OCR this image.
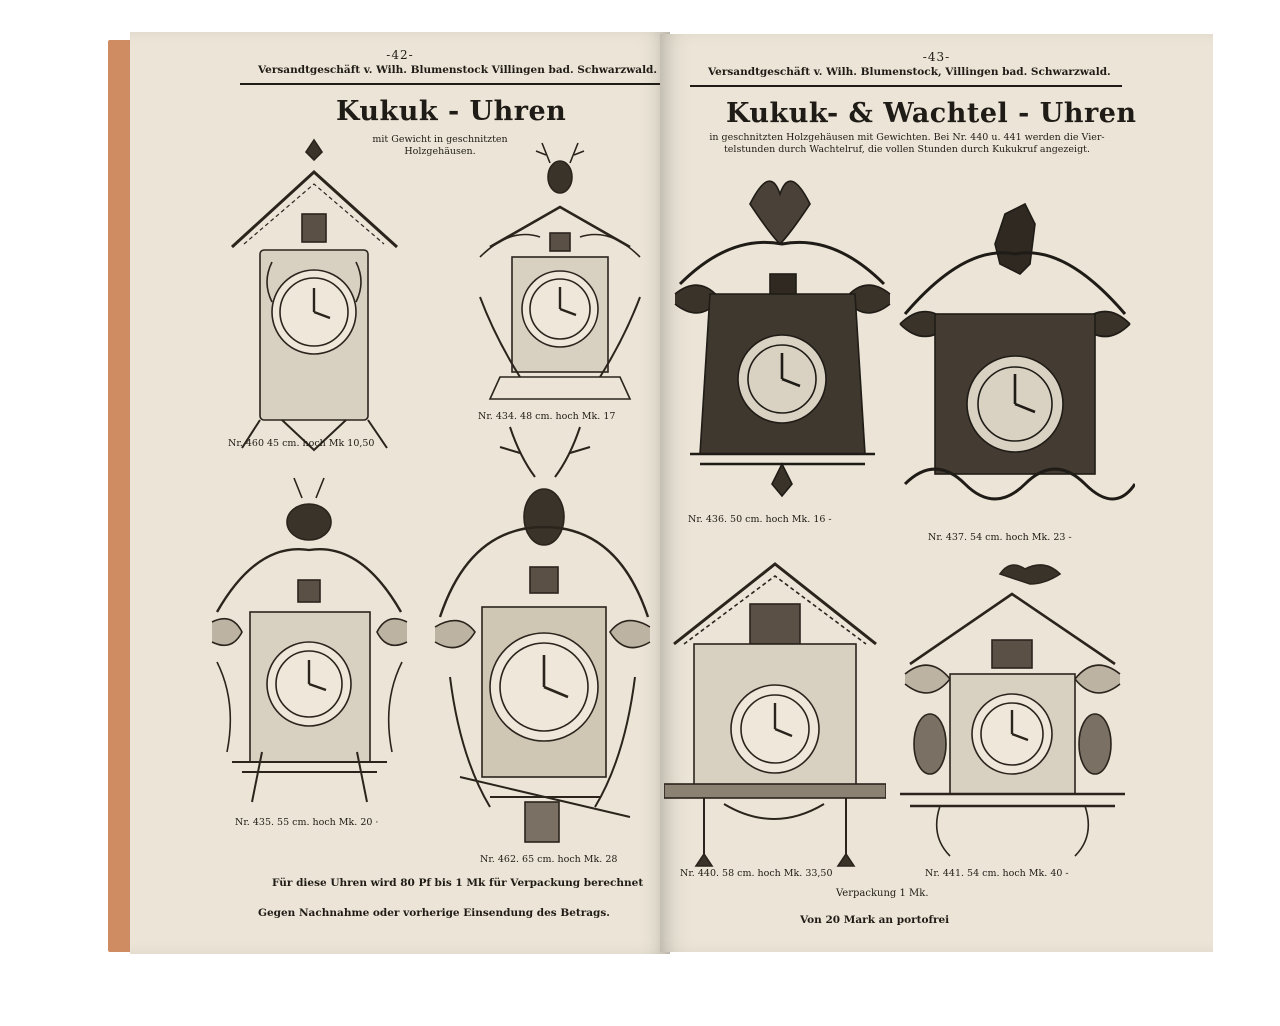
-42-
Versandtgeschäft v. Wilh. Blumenstock Villingen bad. Schwarzwald.
Kukuk - Uhren
mit Gewicht in geschnitzten
Holzgehäusen.
Nr. 460 45 cm. hoch Mk 10,50
Nr. 434. 48 cm. hoch Mk. 17
Nr. 435. 55 cm. hoch Mk. 20 ·
Nr. 462. 65 cm. hoch Mk. 28
Für diese Uhren wird 80 Pf bis 1 Mk für Verpackung berechnet
Gegen Nachnahme oder vorherige Einsendung des Betrags.
-43-
Versandtgeschäft v. Wilh. Blumenstock, Villingen bad. Schwarzwald.
Kukuk- & Wachtel - Uhren
in geschnitzten Holzgehäusen mit Gewichten. Bei Nr. 440 u. 441 werden die Vier-
telstunden durch Wachtelruf, die vollen Stunden durch Kukukruf angezeigt.
Nr. 436. 50 cm. hoch Mk. 16 -
Nr. 437. 54 cm. hoch Mk. 23 -
Nr. 440. 58 cm. hoch Mk. 33,50	Nr. 441. 54 cm. hoch Mk. 40 -
Verpackung 1 Mk.
Von 20 Mark an portofrei
